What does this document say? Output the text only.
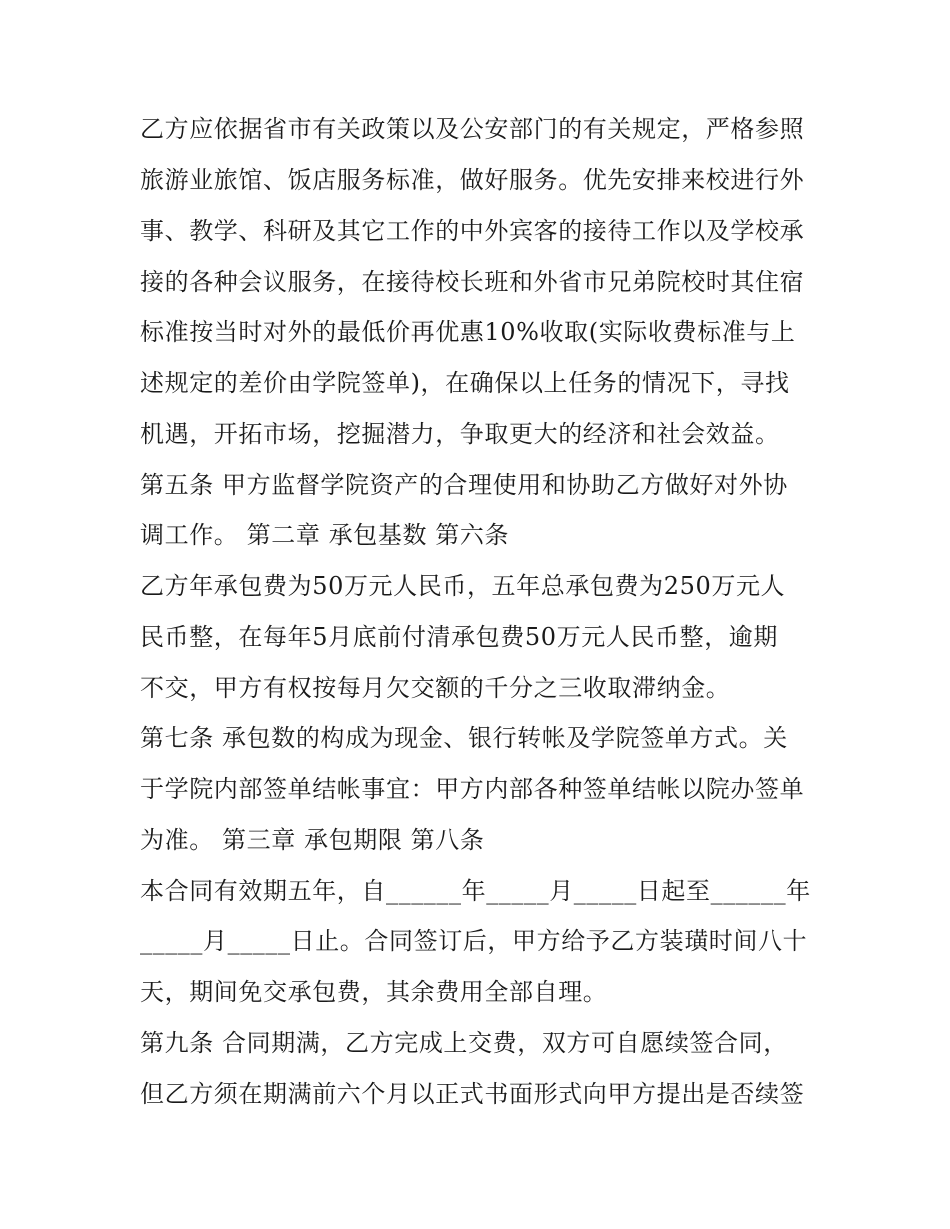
乙方应依据省市有关政策以及公安部门的有关规定，严格参照
旅游业旅馆、饭店服务标准，做好服务。优先安排来校进行外
事、教学、科研及其它工作的中外宾客的接待工作以及学校承
接的各种会议服务，在接待校长班和外省市兄弟院校时其住宿
标准按当时对外的最低价再优惠10%收取(实际收费标准与上
述规定的差价由学院签单)，在确保以上任务的情况下，寻找
机遇，开拓市场，挖掘潜力，争取更大的经济和社会效益。
第五条 甲方监督学院资产的合理使用和协助乙方做好对外协
调工作。 第二章 承包基数 第六条
乙方年承包费为50万元人民币，五年总承包费为250万元人
民币整，在每年5月底前付清承包费50万元人民币整，逾期
不交，甲方有权按每月欠交额的千分之三收取滞纳金。
第七条 承包数的构成为现金、银行转帐及学院签单方式。关
于学院内部签单结帐事宜：甲方内部各种签单结帐以院办签单
为准。 第三章 承包期限 第八条
本合同有效期五年，自______年_____月_____日起至______年
_____月_____日止。合同签订后，甲方给予乙方装璜时间八十
天，期间免交承包费，其余费用全部自理。
第九条 合同期满，乙方完成上交费，双方可自愿续签合同，
但乙方须在期满前六个月以正式书面形式向甲方提出是否续签
